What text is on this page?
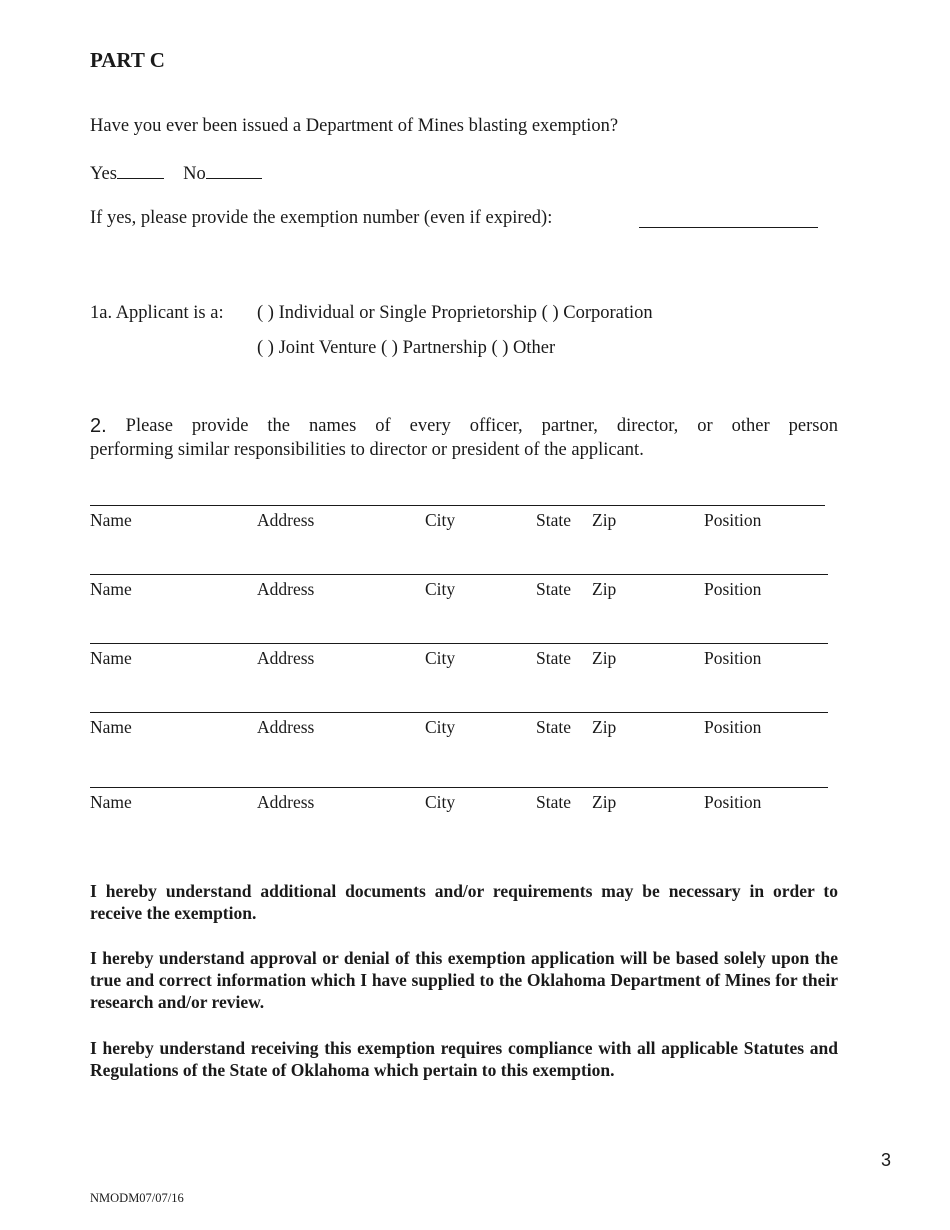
PART C
Have you ever been issued a Department of Mines blasting exemption?
Yes	No
If yes, please provide the exemption number (even if expired):
1a. Applicant is a: ( ) Individual or Single Proprietorship ( ) Corporation
( ) Joint Venture ( ) Partnership ( ) Other
2. Please provide the names of every officer, partner, director, or other person
performing similar responsibilities to director or president of the applicant.
Name	Address	City	State Zip	Position
Name	Address	City	State Zip	Position
Name	Address	City	State Zip	Position
Name	Address	City	State Zip	Position
Name	Address	City	State Zip	Position
I hereby understand additional documents and/or requirements may be necessary in order to receive the exemption.
I hereby understand approval or denial of this exemption application will be based solely upon the true and correct information which I have supplied to the Oklahoma Department of Mines for their research and/or review.
I hereby understand receiving this exemption requires compliance with all applicable Statutes and Regulations of the State of Oklahoma which pertain to this exemption.
3
NMODM07/07/16
